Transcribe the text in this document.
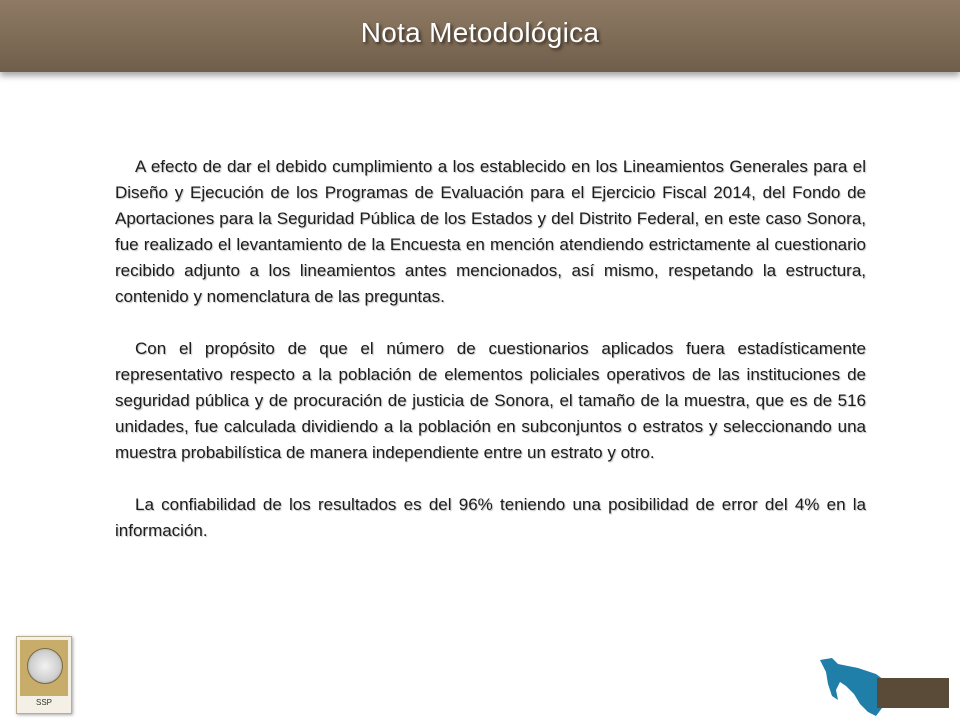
Nota Metodológica

A efecto de dar el debido cumplimiento a los establecido en los Lineamientos Generales para el Diseño y Ejecución de los Programas de Evaluación para el Ejercicio Fiscal 2014, del Fondo de Aportaciones para la Seguridad Pública de los Estados y del Distrito Federal, en este caso Sonora, fue realizado el levantamiento de la Encuesta en mención atendiendo estrictamente al cuestionario recibido adjunto a los lineamientos antes mencionados, así mismo, respetando la estructura, contenido y nomenclatura de las preguntas.

Con el propósito de que el número de cuestionarios aplicados fuera estadísticamente representativo respecto a la población de elementos policiales operativos de las instituciones de seguridad pública y de procuración de justicia de Sonora, el tamaño de la muestra, que es de 516 unidades, fue calculada dividiendo a la población en subconjuntos o estratos y seleccionando una muestra probabilística de manera independiente entre un estrato y otro.

La confiabilidad de los resultados es del 96% teniendo una posibilidad de error del 4% en la información.

SSP
